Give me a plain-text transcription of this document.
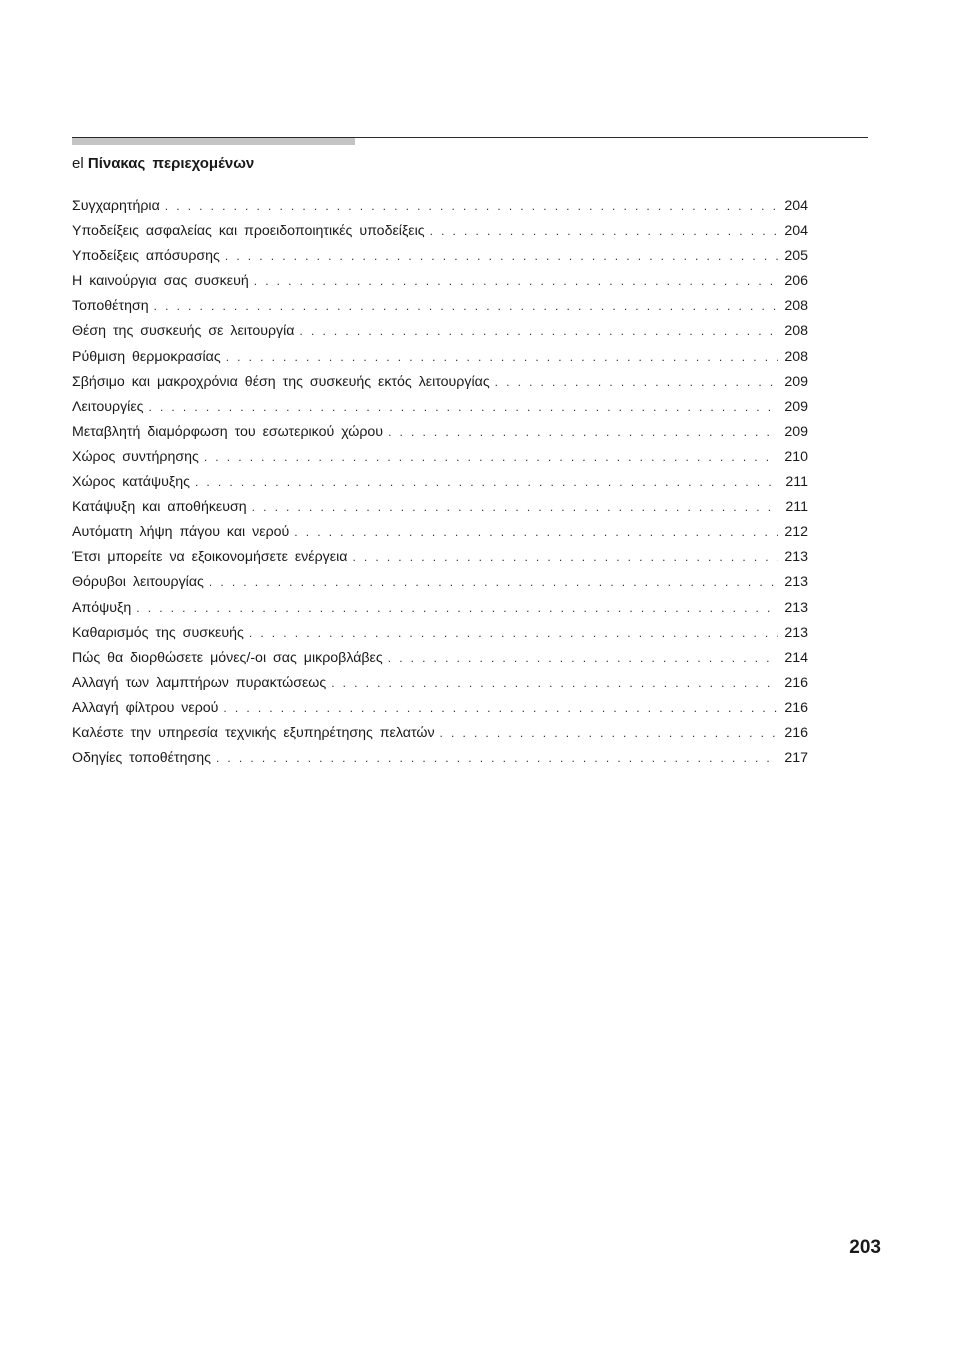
el Πίνακας περιεχομένων
Συγχαρητήρια . . .	204
Υποδείξεις ασφαλείας και προειδοποιητικές υποδείξεις . . .	204
Υποδείξεις απόσυρσης . . .	205
Η καινούργια σας συσκευή . . .	206
Τοποθέτηση . . .	208
Θέση της συσκευής σε λειτουργία . . .	208
Ρύθμιση θερμοκρασίας . . .	208
Σβήσιμο και μακροχρόνια θέση της συσκευής εκτός λειτουργίας . . .	209
Λειτουργίες . . .	209
Μεταβλητή διαμόρφωση του εσωτερικού χώρου . . .	209
Χώρος συντήρησης . . .	210
Χώρος κατάψυξης . . .	211
Κατάψυξη και αποθήκευση . . .	211
Αυτόματη λήψη πάγου και νερού . . .	212
Έτσι μπορείτε να εξοικονομήσετε ενέργεια . . .	213
Θόρυβοι λειτουργίας . . .	213
Απόψυξη . . .	213
Καθαρισμός της συσκευής . . .	213
Πώς θα διορθώσετε μόνες/-οι σας μικροβλάβες . . .	214
Αλλαγή των λαμπτήρων πυρακτώσεως . . .	216
Αλλαγή φίλτρου νερού . . .	216
Καλέστε την υπηρεσία τεχνικής εξυπηρέτησης πελατών . . .	216
Οδηγίες τοποθέτησης . . .	217
203
